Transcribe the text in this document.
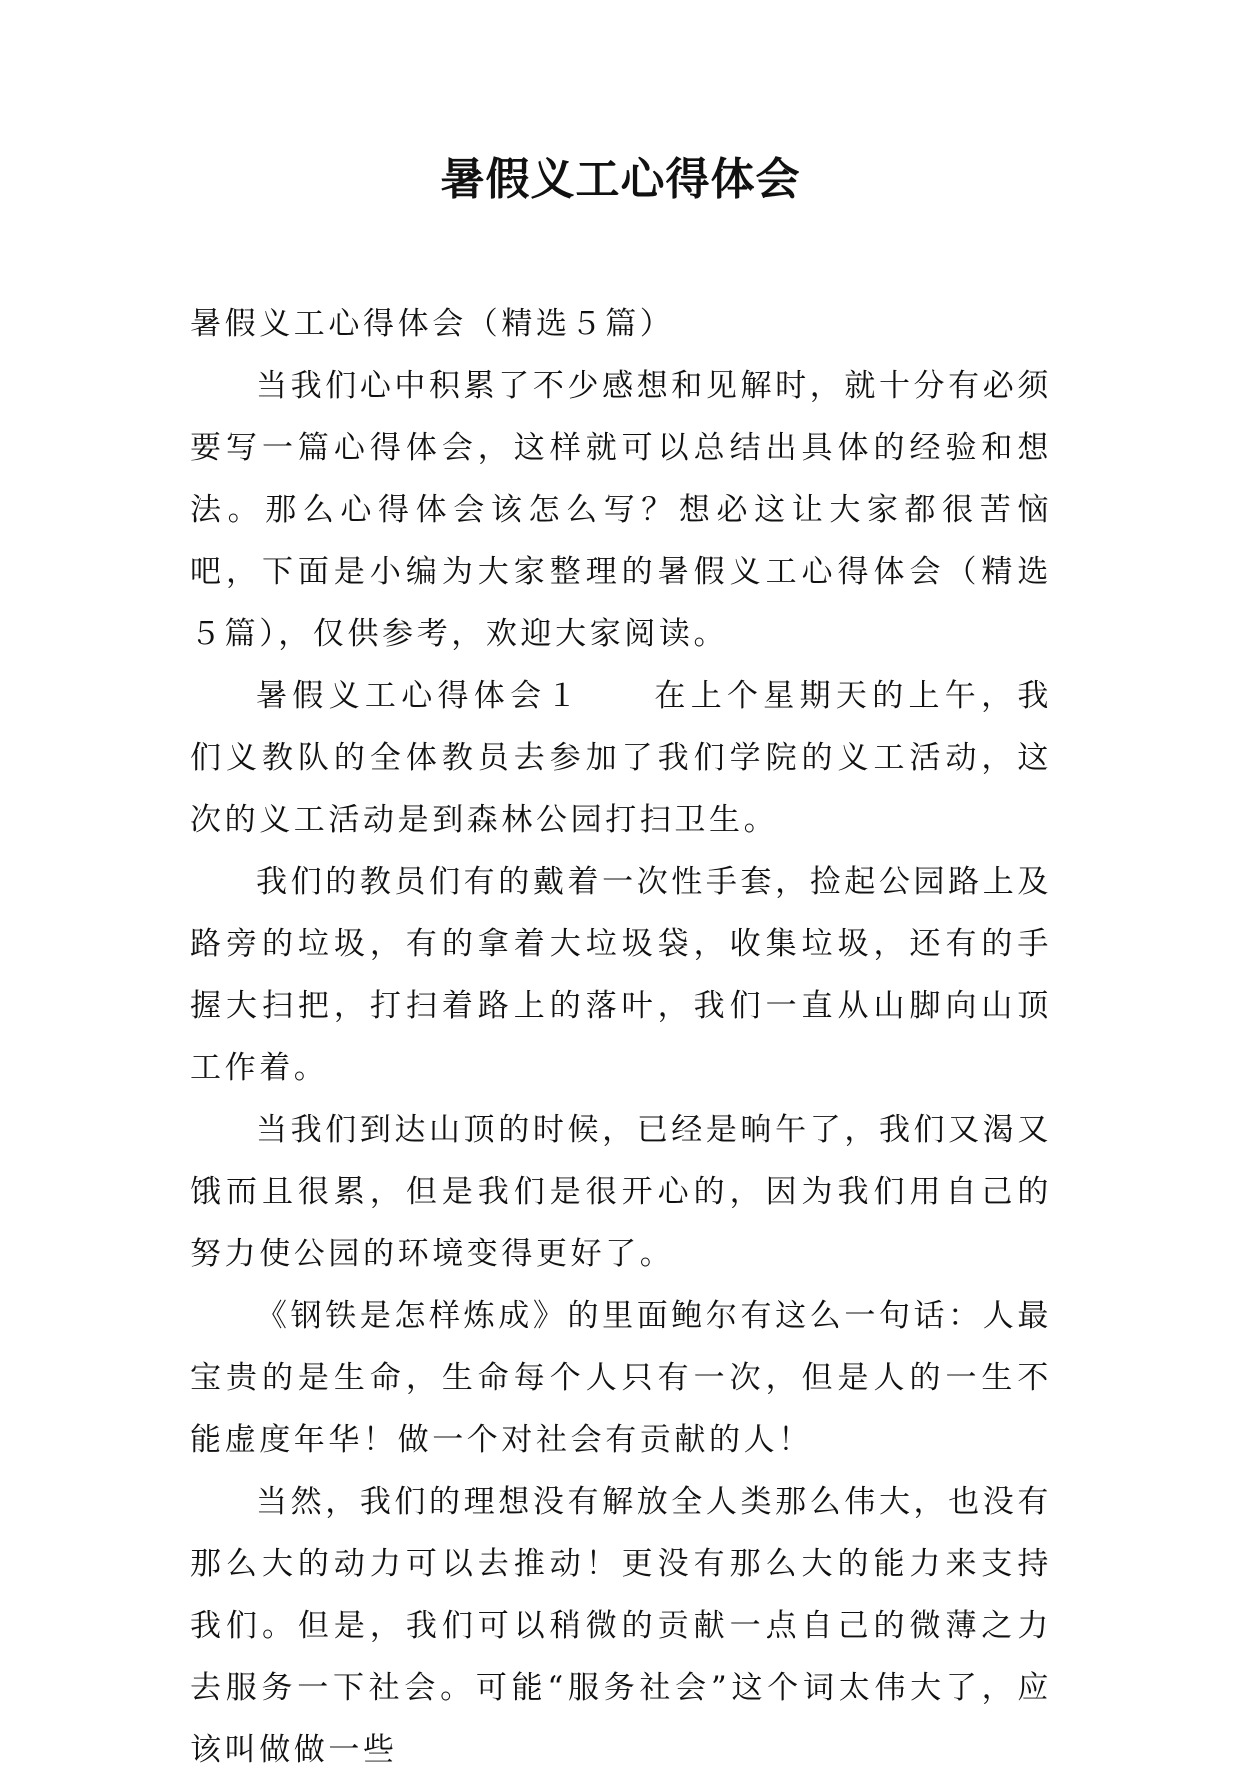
暑假义工心得体会

暑假义工心得体会（精选５篇）

当我们心中积累了不少感想和见解时，就十分有必须要写一篇心得体会，这样就可以总结出具体的经验和想法。那么心得体会该怎么写？想必这让大家都很苦恼吧，下面是小编为大家整理的暑假义工心得体会（精选５篇），仅供参考，欢迎大家阅读。

暑假义工心得体会１ 在上个星期天的上午，我们义教队的全体教员去参加了我们学院的义工活动，这次的义工活动是到森林公园打扫卫生。

我们的教员们有的戴着一次性手套，捡起公园路上及路旁的垃圾，有的拿着大垃圾袋，收集垃圾，还有的手握大扫把，打扫着路上的落叶，我们一直从山脚向山顶工作着。

当我们到达山顶的时候，已经是晌午了，我们又渴又饿而且很累，但是我们是很开心的，因为我们用自己的努力使公园的环境变得更好了。

《钢铁是怎样炼成》的里面鲍尔有这么一句话：人最宝贵的是生命，生命每个人只有一次，但是人的一生不能虚度年华！做一个对社会有贡献的人！

当然，我们的理想没有解放全人类那么伟大，也没有那么大的动力可以去推动！更没有那么大的能力来支持我们。但是，我们可以稍微的贡献一点自己的微薄之力去服务一下社会。可能“服务社会”这个词太伟大了，应该叫做做一些
